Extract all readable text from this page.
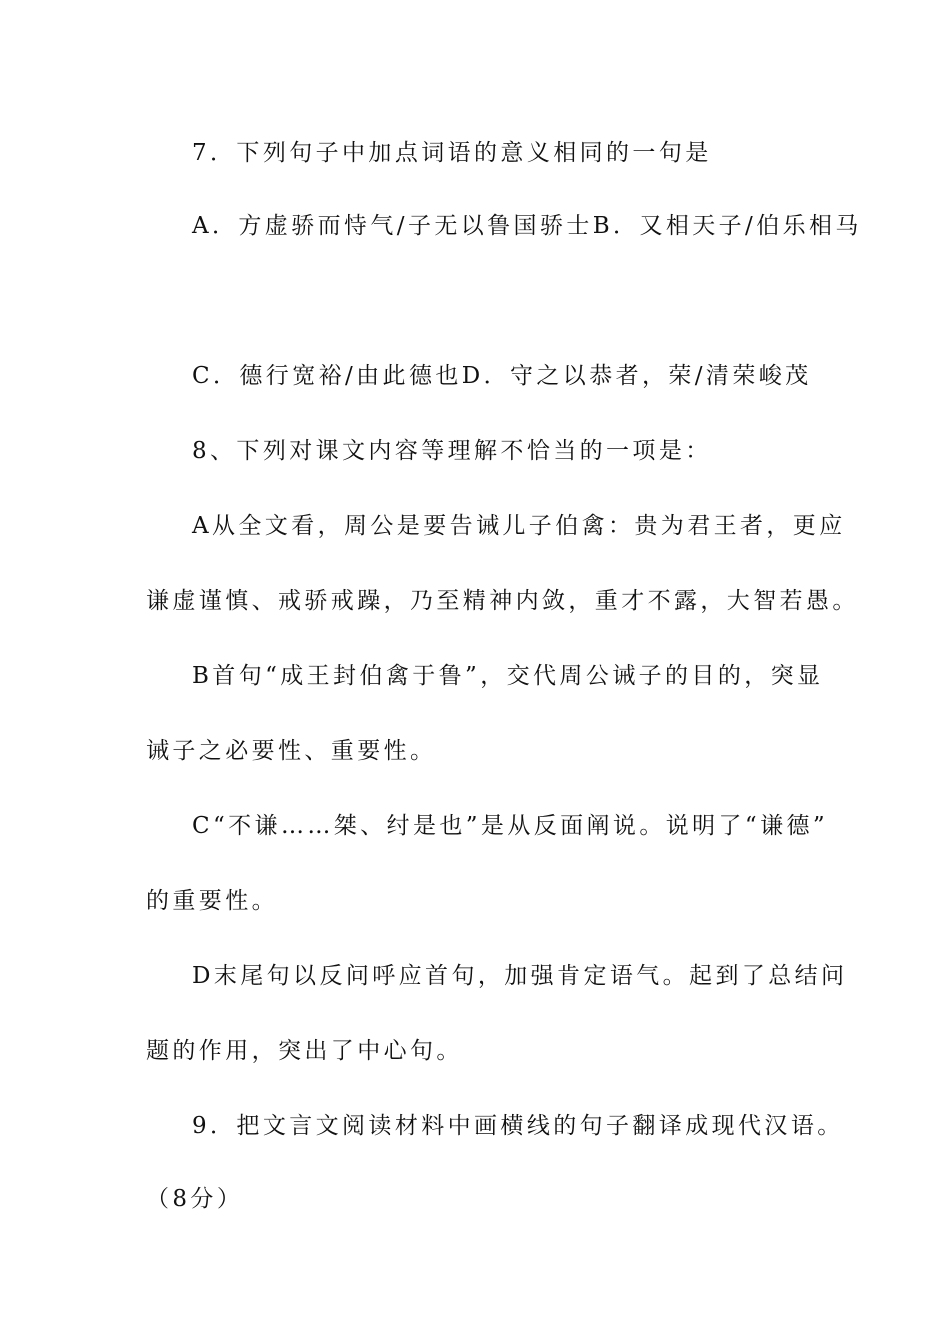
7．下列句子中加点词语的意义相同的一句是
A．方虚骄而恃气/子无以鲁国骄士B．又相天子/伯乐相马
C．德行宽裕/由此德也D．守之以恭者，荣/清荣峻茂
8、下列对课文内容等理解不恰当的一项是：
A从全文看，周公是要告诫儿子伯禽：贵为君王者，更应
谦虚谨慎、戒骄戒躁，乃至精神内敛，重才不露，大智若愚。
B首句“成王封伯禽于鲁”，交代周公诫子的目的，突显
诫子之必要性、重要性。
C“不谦……桀、纣是也”是从反面阐说。说明了“谦德”
的重要性。
D末尾句以反问呼应首句，加强肯定语气。起到了总结问
题的作用，突出了中心句。
9．把文言文阅读材料中画横线的句子翻译成现代汉语。
（8分）
